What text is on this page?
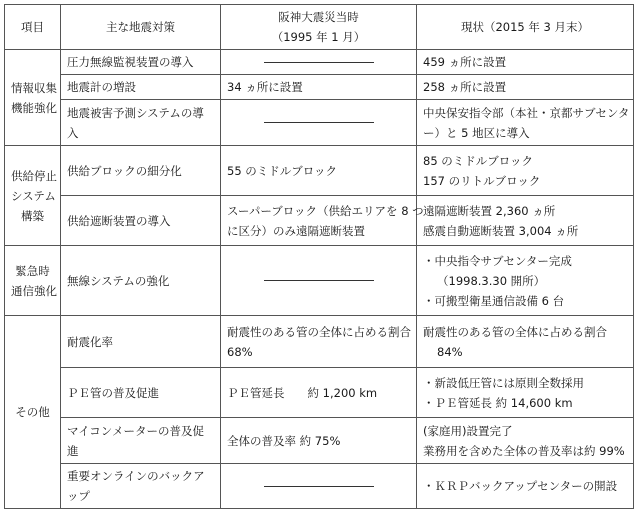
項目	主な地震対策	阪神大震災当時
（1995 年 1 月）	現状（2015 年 3 月末）

情報収集
機能強化	圧力無線監視装置の導入		459 ヵ所に設置
	地震計の増設	34 ヵ所に設置	258 ヵ所に設置
	地震被害予測システムの導入		中央保安指令部（本社・京都サブセンタ
ー）と 5 地区に導入

供給停止
システム
構築	供給ブロックの細分化	55 のミドルブロック	85 のミドルブロック
157 のリトルブロック

	供給遮断装置の導入	スーパーブロック（供給エリアを 8 つ
に区分）のみ遠隔遮断装置	遠隔遮断装置 2,360 ヵ所
感震自動遮断装置 3,004 ヵ所

緊急時
通信強化	無線システムの強化		・中央指令サブセンター完成
（1998.3.30 開所）
・可搬型衛星通信設備 6 台

その他	耐震化率	耐震性のある管の全体に占める割合
68%	耐震性のある管の全体に占める割合
84%

	ＰＥ管の普及促進	ＰＥ管延長　　約 1,200 km	・新設低圧管には原則全数採用
・ＰＥ管延長 約 14,600 km

	マイコンメーターの普及促進	全体の普及率 約 75%	(家庭用)設置完了
業務用を含めた全体の普及率は約 99%

	重要オンラインのバックアップ		・ＫＲＰバックアップセンターの開設
